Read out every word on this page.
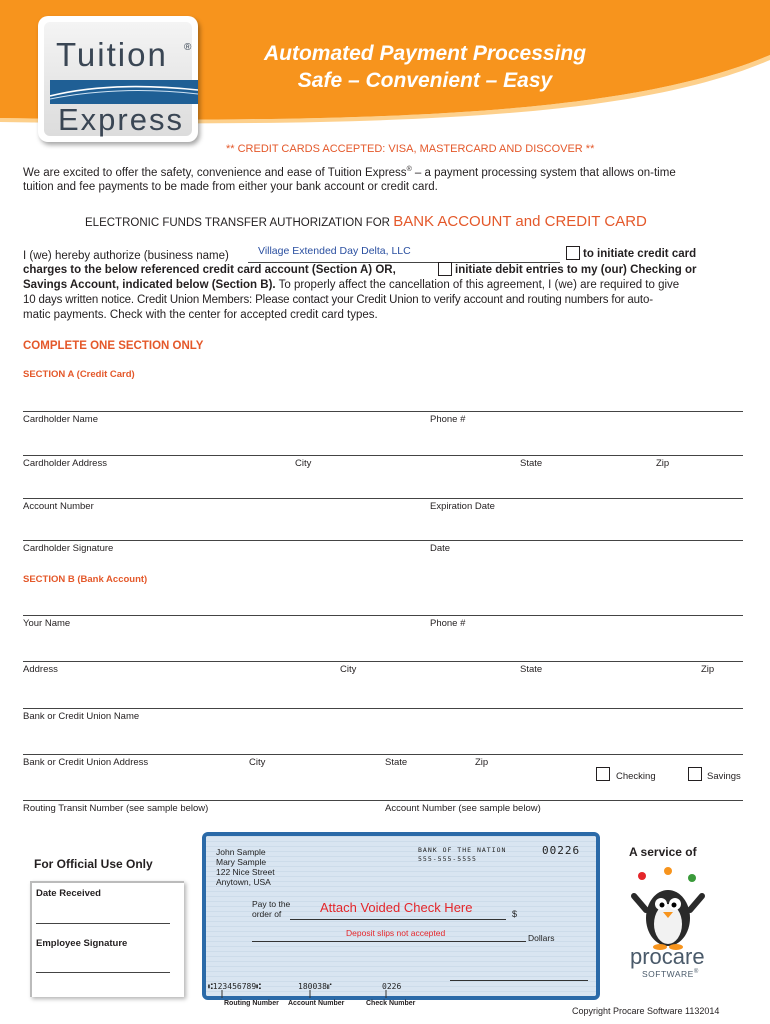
Automated Payment Processing
Safe – Convenient – Easy
Tuition ®
Express
** CREDIT CARDS ACCEPTED: VISA, MASTERCARD AND DISCOVER **
We are excited to offer the safety, convenience and ease of Tuition Express® – a payment processing system that allows on-time
tuition and fee payments to be made from either your bank account or credit card.
ELECTRONIC FUNDS TRANSFER AUTHORIZATION FOR BANK ACCOUNT and CREDIT CARD
I (we) hereby authorize (business name)	Village Extended Day Delta, LLC	to initiate credit card
charges to the below referenced credit card account (Section A) OR,	initiate debit entries to my (our) Checking or
Savings Account, indicated below (Section B). To properly affect the cancellation of this agreement, I (we) are required to give
10 days written notice. Credit Union Members: Please contact your Credit Union to verify account and routing numbers for auto-
matic payments. Check with the center for accepted credit card types.
COMPLETE ONE SECTION ONLY
SECTION A (Credit Card)
Cardholder Name	Phone #
Cardholder Address	City	State	Zip
Account Number	Expiration Date
Cardholder Signature	Date
SECTION B (Bank Account)
Your Name	Phone #
Address	City	State	Zip
Bank or Credit Union Name
Bank or Credit Union Address	City	State	Zip
Checking	Savings
Routing Transit Number (see sample below)	Account Number (see sample below)
For Official Use Only
Date Received
Employee Signature
John Sample
Mary Sample
122 Nice Street
Anytown, USA
BANK OF THE NATION
555-555-5555
00226
Pay to the
order of	Attach Voided Check Here	$
Deposit slips not accepted	Dollars
⑆123456789⑆	180038⑈	0226
Routing Number Account Number	Check Number
A service of
procare
SOFTWARE®
Copyright Procare Software 1132014
